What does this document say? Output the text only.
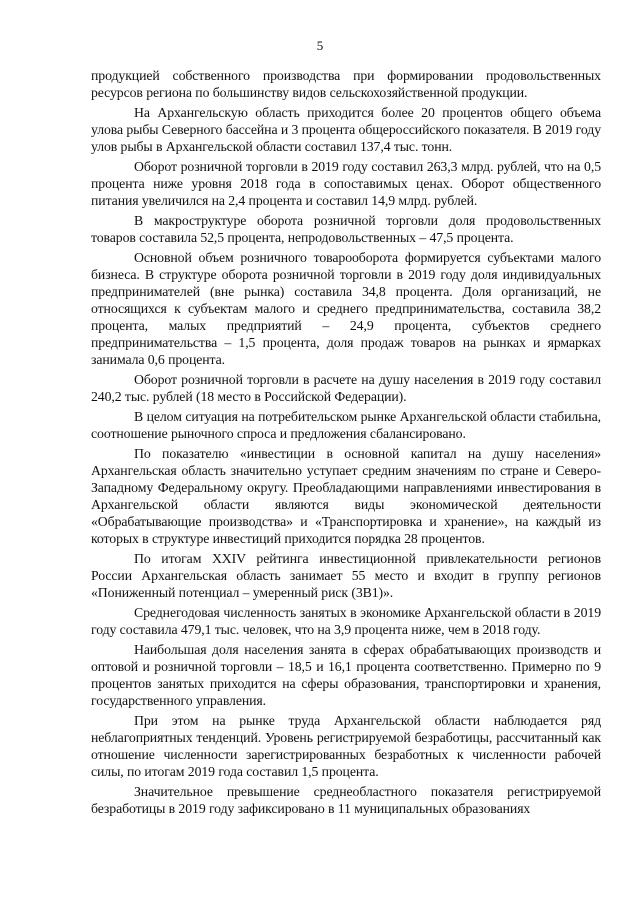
5

продукцией собственного производства при формировании продовольственных ресурсов региона по большинству видов сельскохозяйственной продукции.

На Архангельскую область приходится более 20 процентов общего объема улова рыбы Северного бассейна и 3 процента общероссийского показателя. В 2019 году улов рыбы в Архангельской области составил 137,4 тыс. тонн.

Оборот розничной торговли в 2019 году составил 263,3 млрд. рублей, что на 0,5 процента ниже уровня 2018 года в сопоставимых ценах. Оборот общественного питания увеличился на 2,4 процента и составил 14,9 млрд. рублей.

В макроструктуре оборота розничной торговли доля продовольственных товаров составила 52,5 процента, непродовольственных – 47,5 процента.

Основной объем розничного товарооборота формируется субъектами малого бизнеса. В структуре оборота розничной торговли в 2019 году доля индивидуальных предпринимателей (вне рынка) составила 34,8 процента. Доля организаций, не относящихся к субъектам малого и среднего предпринимательства, составила 38,2 процента, малых предприятий – 24,9 процента, субъектов среднего предпринимательства – 1,5 процента, доля продаж товаров на рынках и ярмарках занимала 0,6 процента.

Оборот розничной торговли в расчете на душу населения в 2019 году составил 240,2 тыс. рублей (18 место в Российской Федерации).

В целом ситуация на потребительском рынке Архангельской области стабильна, соотношение рыночного спроса и предложения сбалансировано.

По показателю «инвестиции в основной капитал на душу населения» Архангельская область значительно уступает средним значениям по стране и Северо-Западному Федеральному округу. Преобладающими направлениями инвестирования в Архангельской области являются виды экономической деятельности «Обрабатывающие производства» и «Транспортировка и хранение», на каждый из которых в структуре инвестиций приходится порядка 28 процентов.

По итогам XXIV рейтинга инвестиционной привлекательности регионов России Архангельская область занимает 55 место и входит в группу регионов «Пониженный потенциал – умеренный риск (3В1)».

Среднегодовая численность занятых в экономике Архангельской области в 2019 году составила 479,1 тыс. человек, что на 3,9 процента ниже, чем в 2018 году.

Наибольшая доля населения занята в сферах обрабатывающих производств и оптовой и розничной торговли – 18,5 и 16,1 процента соответственно. Примерно по 9 процентов занятых приходится на сферы образования, транспортировки и хранения, государственного управления.

При этом на рынке труда Архангельской области наблюдается ряд неблагоприятных тенденций. Уровень регистрируемой безработицы, рассчитанный как отношение численности зарегистрированных безработных к численности рабочей силы, по итогам 2019 года составил 1,5 процента.

Значительное превышение среднеобластного показателя регистрируемой безработицы в 2019 году зафиксировано в 11 муниципальных образованиях
